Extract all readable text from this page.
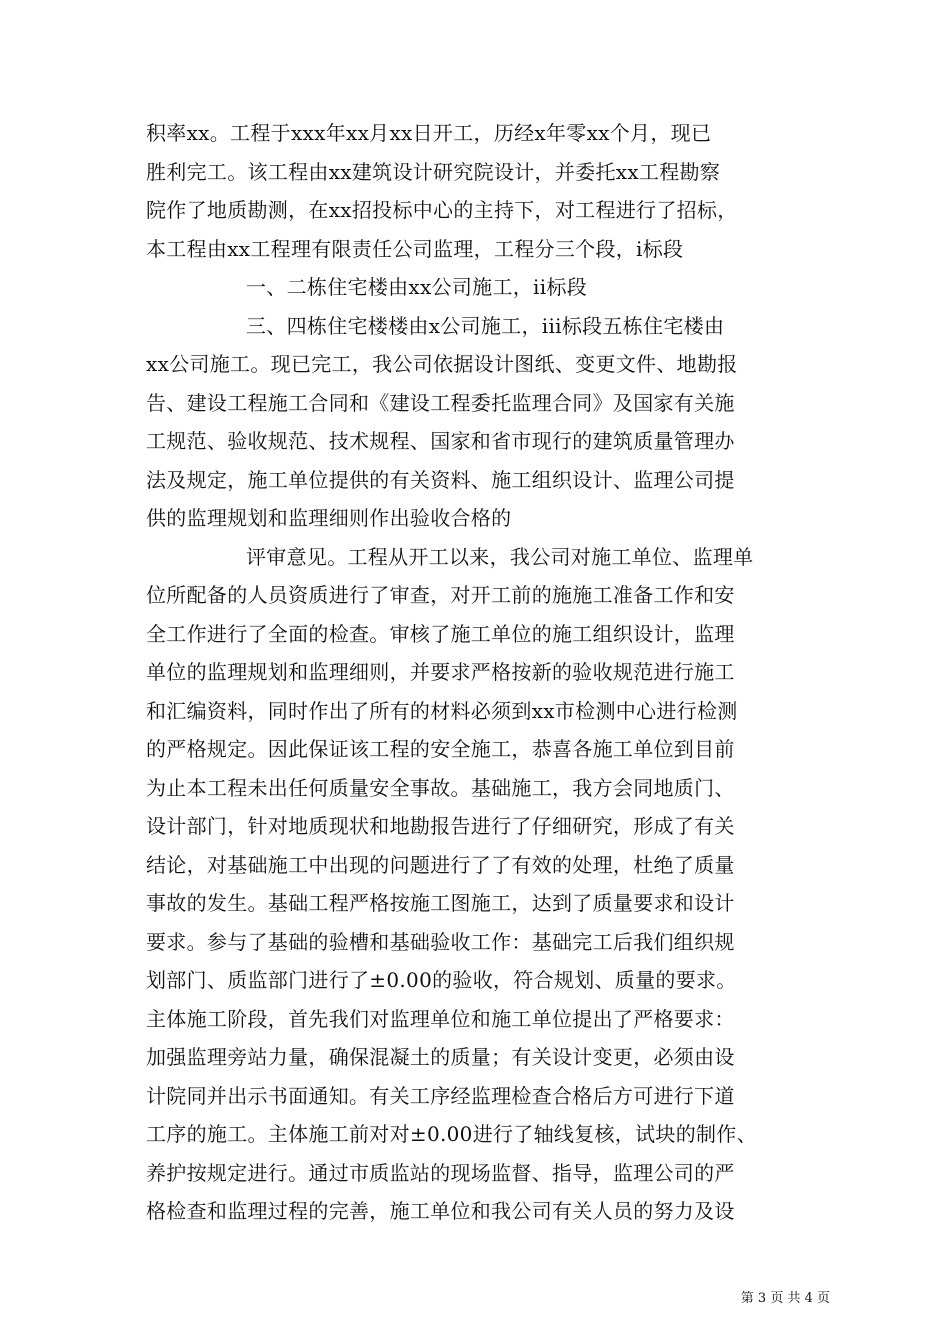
积率xx。工程于xxx年xx月xx日开工，历经x年零xx个月，现已
胜利完工。该工程由xx建筑设计研究院设计，并委托xx工程勘察
院作了地质勘测，在xx招投标中心的主持下，对工程进行了招标，
本工程由xx工程理有限责任公司监理，工程分三个段，i标段
一、二栋住宅楼由xx公司施工，ii标段
三、四栋住宅楼楼由x公司施工，iii标段五栋住宅楼由
xx公司施工。现已完工，我公司依据设计图纸、变更文件、地勘报
告、建设工程施工合同和《建设工程委托监理合同》及国家有关施
工规范、验收规范、技术规程、国家和省市现行的建筑质量管理办
法及规定，施工单位提供的有关资料、施工组织设计、监理公司提
供的监理规划和监理细则作出验收合格的
评审意见。工程从开工以来，我公司对施工单位、监理单
位所配备的人员资质进行了审查，对开工前的施施工准备工作和安
全工作进行了全面的检查。审核了施工单位的施工组织设计，监理
单位的监理规划和监理细则，并要求严格按新的验收规范进行施工
和汇编资料，同时作出了所有的材料必须到xx市检测中心进行检测
的严格规定。因此保证该工程的安全施工，恭喜各施工单位到目前
为止本工程未出任何质量安全事故。基础施工，我方会同地质门、
设计部门，针对地质现状和地勘报告进行了仔细研究，形成了有关
结论，对基础施工中出现的问题进行了了有效的处理，杜绝了质量
事故的发生。基础工程严格按施工图施工，达到了质量要求和设计
要求。参与了基础的验槽和基础验收工作：基础完工后我们组织规
划部门、质监部门进行了±0.00的验收，符合规划、质量的要求。
主体施工阶段，首先我们对监理单位和施工单位提出了严格要求：
加强监理旁站力量，确保混凝土的质量；有关设计变更，必须由设
计院同并出示书面通知。有关工序经监理检查合格后方可进行下道
工序的施工。主体施工前对对±0.00进行了轴线复核，试块的制作、
养护按规定进行。通过市质监站的现场监督、指导，监理公司的严
格检查和监理过程的完善，施工单位和我公司有关人员的努力及设
第 3 页 共 4 页
